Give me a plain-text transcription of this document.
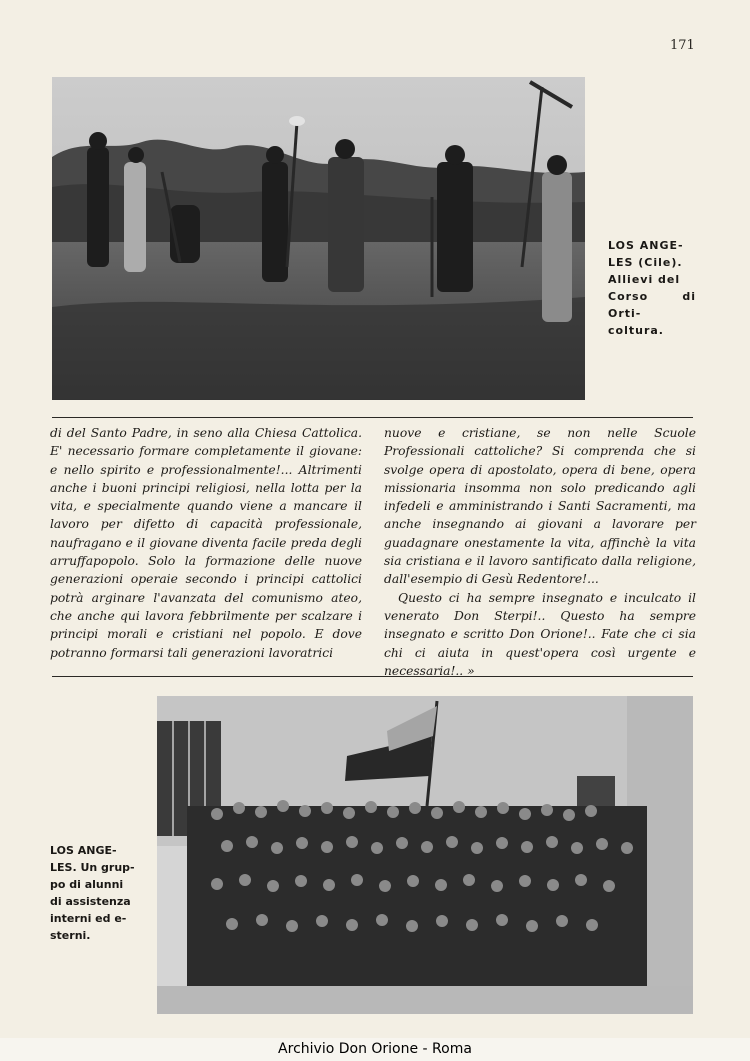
171
LOS ANGE-
LES (Cile).
Allievi del
Corso di Orti-
coltura.

di del Santo Padre, in seno alla Chiesa Cattolica. E' necessario formare completamente il giovane: e nello spirito e professionalmente!... Altrimenti anche i buoni principi religiosi, nella lotta per la vita, e specialmente quando viene a mancare il lavoro per difetto di capacità professionale, naufragano e il giovane diventa facile preda degli arruffapopolo. Solo la formazione delle nuove generazioni operaie secondo i principi cattolici potrà arginare l'avanzata del comunismo ateo, che anche qui lavora febbrilmente per scalzare i principi morali e cristiani nel popolo. E dove potranno formarsi tali generazioni lavoratrici

nuove e cristiane, se non nelle Scuole Professionali cattoliche? Si comprenda che si svolge opera di apostolato, opera di bene, opera missionaria insomma non solo predicando agli infedeli e amministrando i Santi Sacramenti, ma anche insegnando ai giovani a lavorare per guadagnare onestamente la vita, affinchè la vita sia cristiana e il lavoro santificato dalla religione, dall'esempio di Gesù Redentore!...

Questo ci ha sempre insegnato e inculcato il venerato Don Sterpi!.. Questo ha sempre insegnato e scritto Don Orione!.. Fate che ci sia chi ci aiuta in quest'opera così urgente e necessaria!.. »

LOS ANGE-
LES. Un grup-
po di alunni
di assistenza
interni ed e-
sterni.
Archivio Don Orione - Roma
